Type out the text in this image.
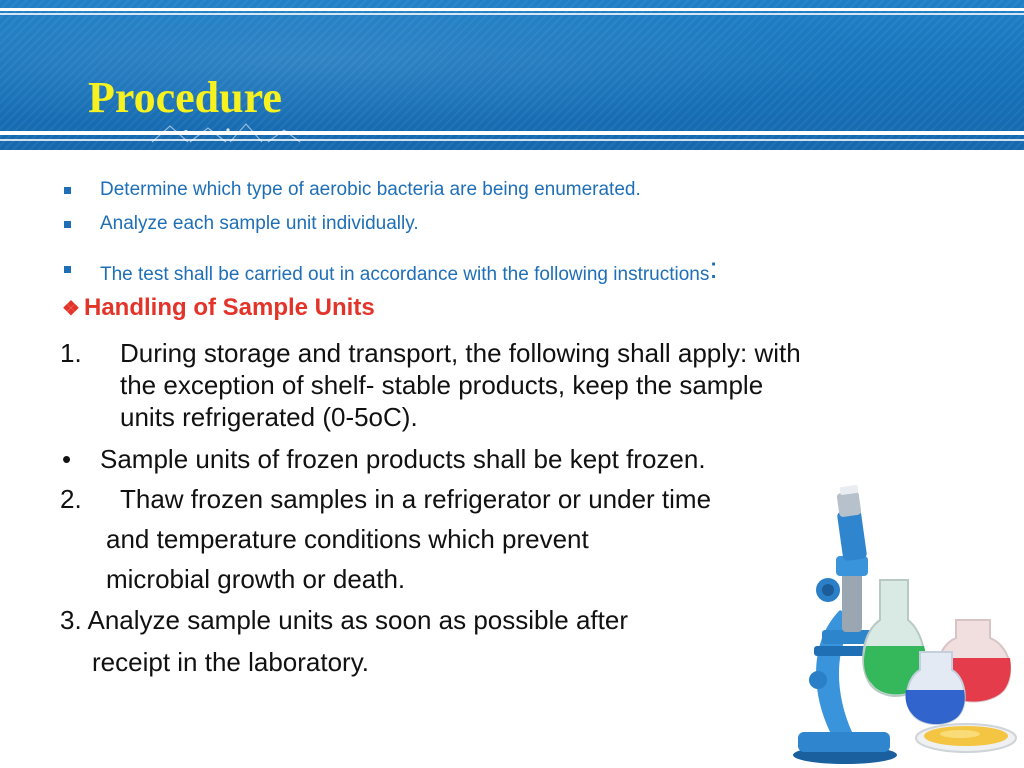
Procedure
Determine which type of aerobic bacteria are being enumerated.
Analyze each sample unit individually.
The test shall be carried out in accordance with the following instructions:
❖ Handling of Sample Units
1. During storage and transport, the following shall apply: with
the exception of shelf- stable products, keep the sample
units refrigerated (0-5oC).
• Sample units of frozen products shall be kept frozen.
2. Thaw frozen samples in a refrigerator or under time
and temperature conditions which prevent
microbial growth or death.
3. Analyze sample units as soon as possible after
receipt in the laboratory.
